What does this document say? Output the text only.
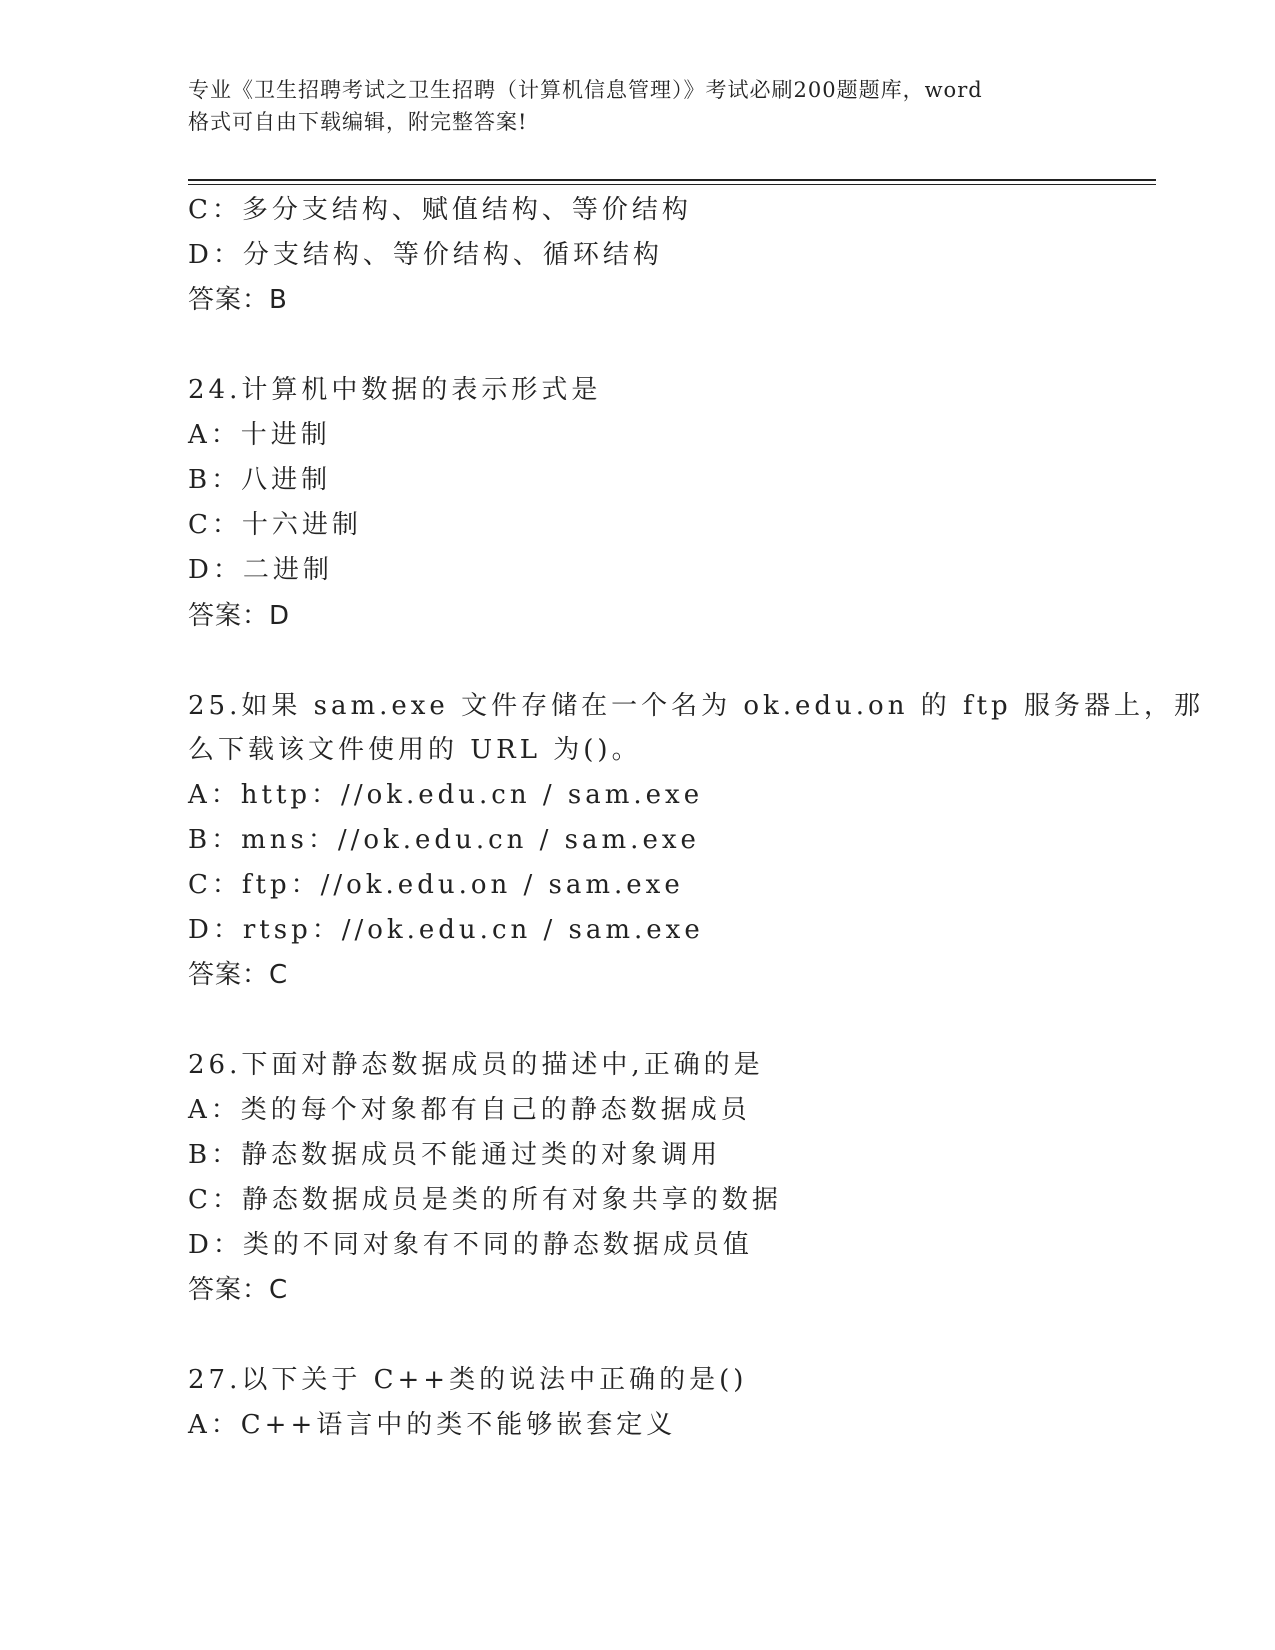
专业《卫生招聘考试之卫生招聘（计算机信息管理）》考试必刷200题题库，word
格式可自由下载编辑，附完整答案!
C：多分支结构、赋值结构、等价结构
D：分支结构、等价结构、循环结构
答案：B
24.计算机中数据的表示形式是
A：十进制
B：八进制
C：十六进制
D：二进制
答案：D
25.如果 sam.exe 文件存储在一个名为 ok.edu.on 的 ftp 服务器上，那
么下载该文件使用的 URL 为()。
A：http：//ok.edu.cn / sam.exe
B：mns：//ok.edu.cn / sam.exe
C：ftp：//ok.edu.on / sam.exe
D：rtsp：//ok.edu.cn / sam.exe
答案：C
26.下面对静态数据成员的描述中,正确的是
A：类的每个对象都有自己的静态数据成员
B：静态数据成员不能通过类的对象调用
C：静态数据成员是类的所有对象共享的数据
D：类的不同对象有不同的静态数据成员值
答案：C
27.以下关于 C++类的说法中正确的是()
A：C++语言中的类不能够嵌套定义
